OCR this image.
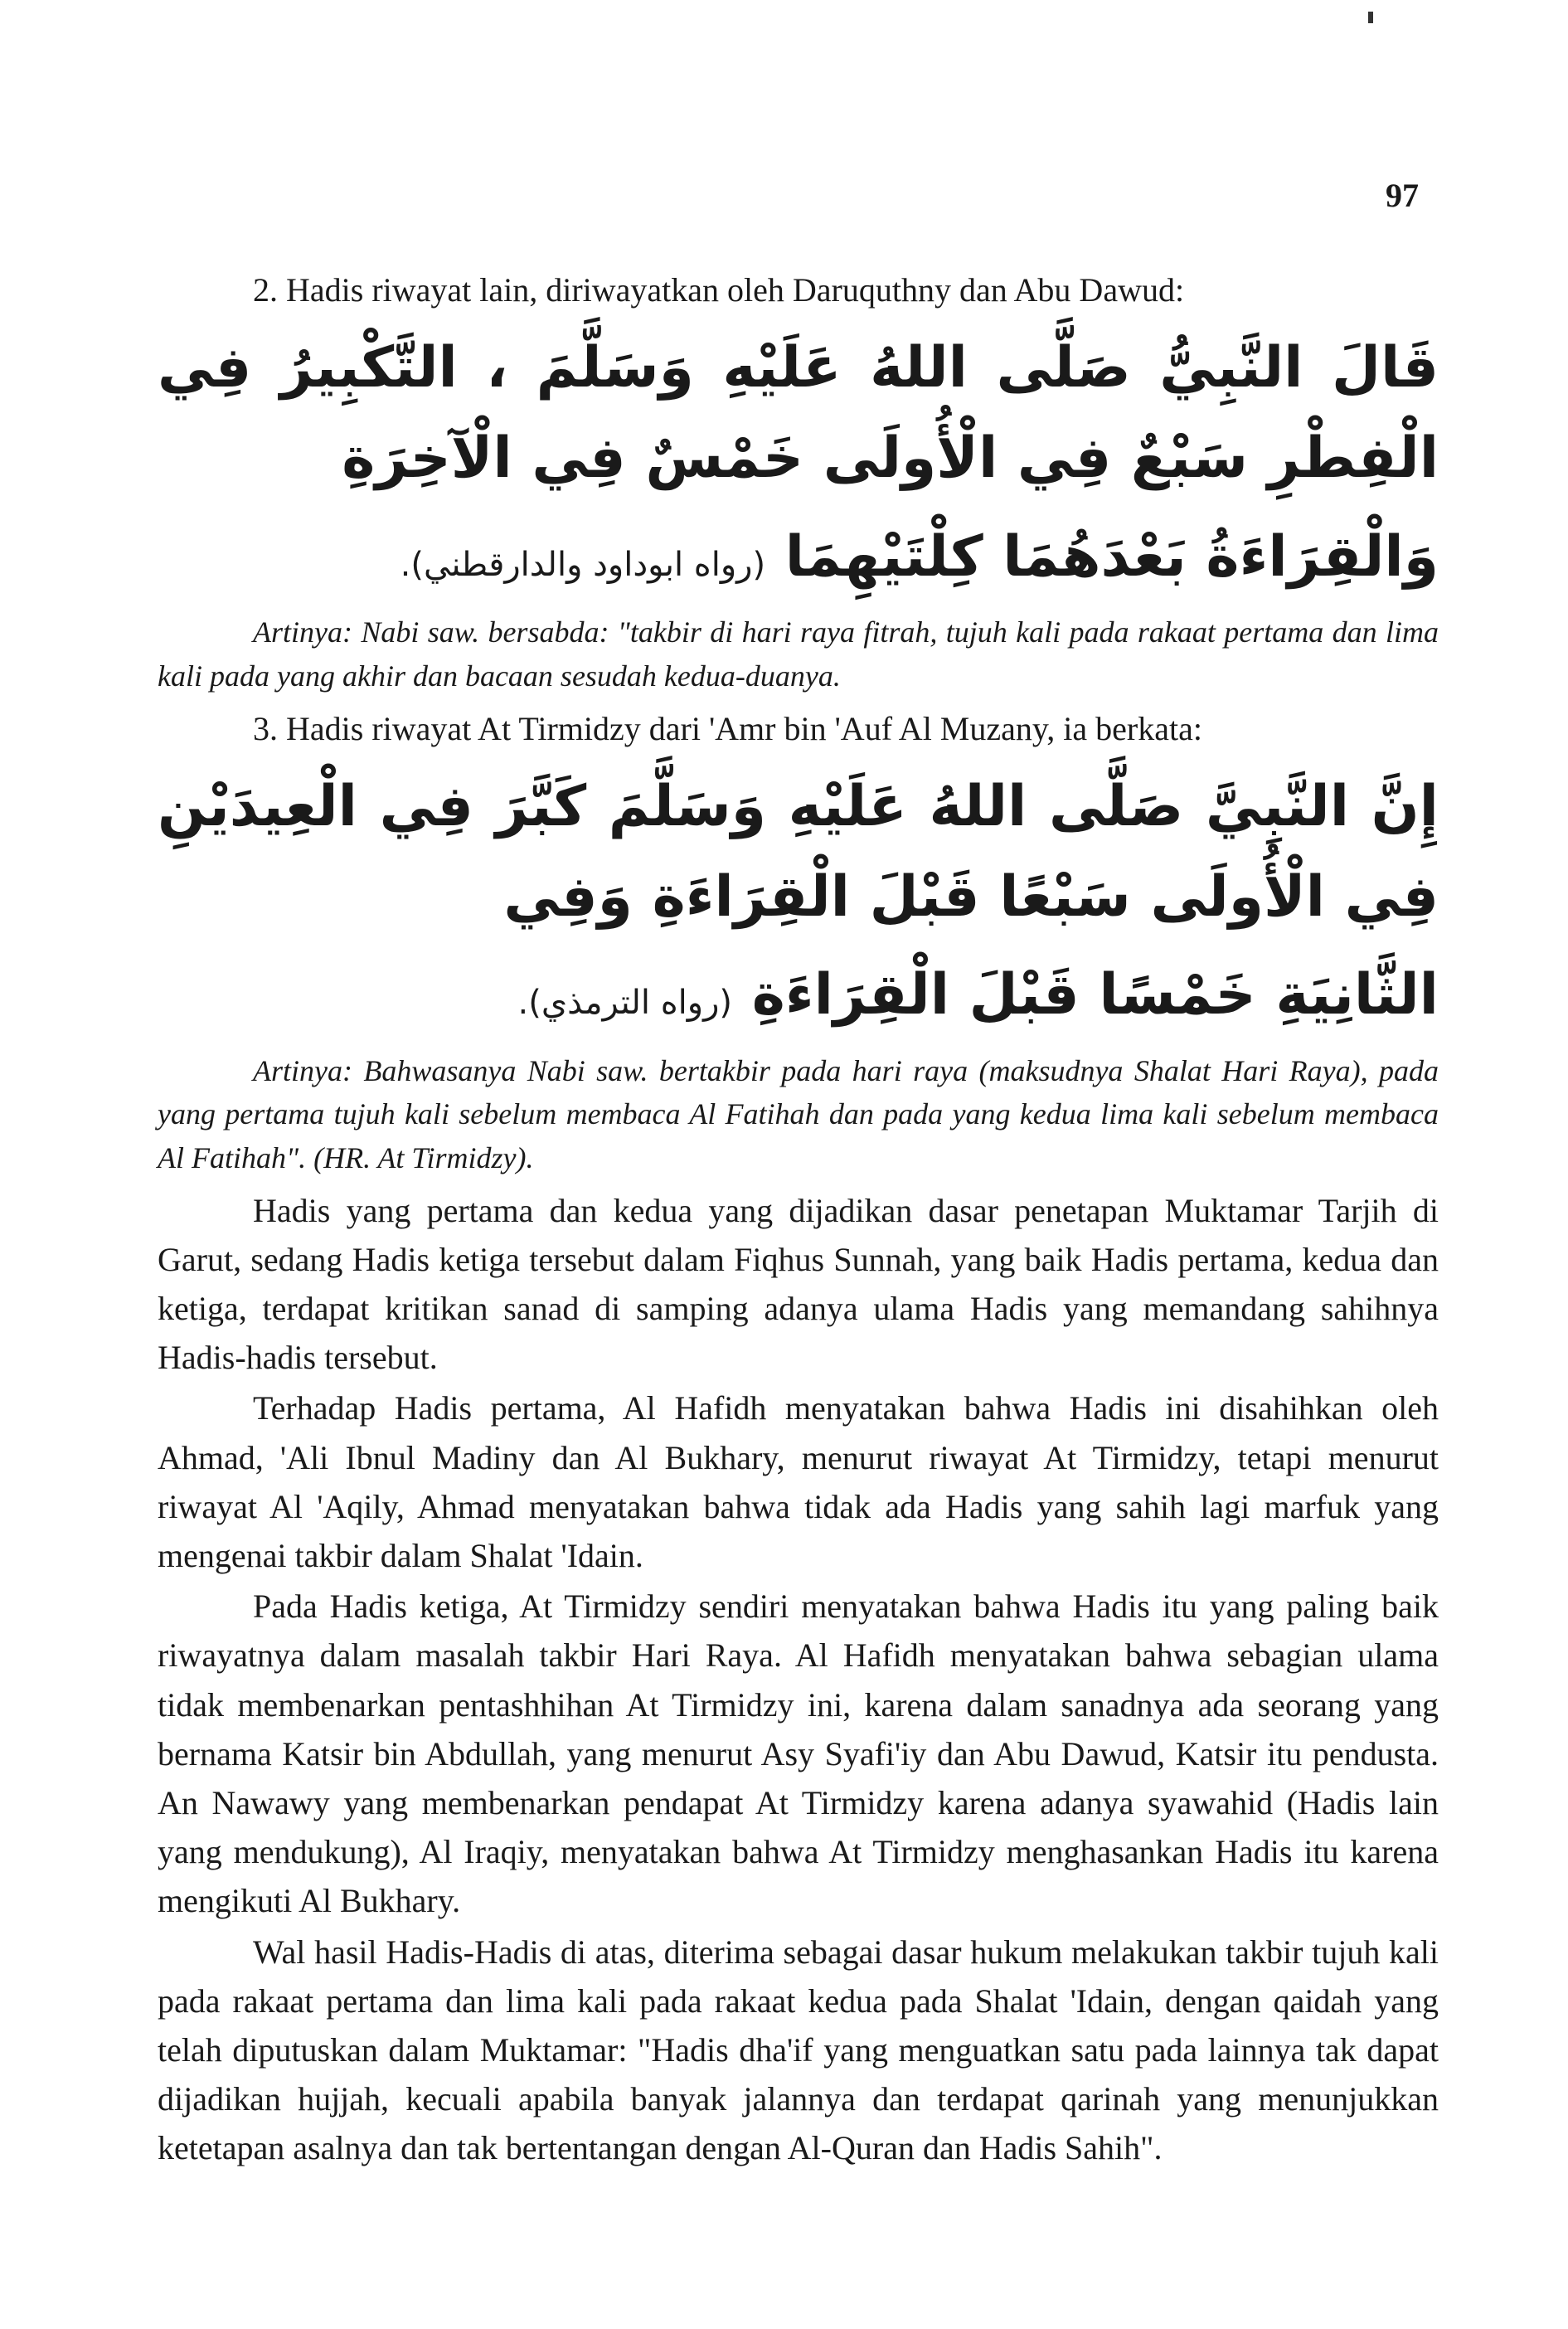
97
2. Hadis riwayat lain, diriwayatkan oleh Daruquthny dan Abu Dawud:
قَالَ النَّبِيُّ صَلَّى اللهُ عَلَيْهِ وَسَلَّمَ ، التَّكْبِيرُ فِي الْفِطْرِ سَبْعٌ فِي الْأُولَى خَمْسٌ فِي الْآخِرَةِ
وَالْقِرَاءَةُ بَعْدَهُمَا كِلْتَيْهِمَا (رواه ابوداود والدارقطني).

Artinya: Nabi saw. bersabda: "takbir di hari raya fitrah, tujuh kali pada rakaat pertama dan lima kali pada yang akhir dan bacaan sesudah kedua-duanya.

3. Hadis riwayat At Tirmidzy dari 'Amr bin 'Auf Al Muzany, ia berkata:
إِنَّ النَّبِيَّ صَلَّى اللهُ عَلَيْهِ وَسَلَّمَ كَبَّرَ فِي الْعِيدَيْنِ فِي الْأُولَى سَبْعًا قَبْلَ الْقِرَاءَةِ وَفِي
الثَّانِيَةِ خَمْسًا قَبْلَ الْقِرَاءَةِ (رواه الترمذي).

Artinya: Bahwasanya Nabi saw. bertakbir pada hari raya (maksudnya Shalat Hari Raya), pada yang pertama tujuh kali sebelum membaca Al Fatihah dan pada yang kedua lima kali sebelum membaca Al Fatihah". (HR. At Tirmidzy).

Hadis yang pertama dan kedua yang dijadikan dasar penetapan Muktamar Tarjih di Garut, sedang Hadis ketiga tersebut dalam Fiqhus Sunnah, yang baik Hadis pertama, kedua dan ketiga, terdapat kritikan sanad di samping adanya ulama Hadis yang memandang sahihnya Hadis-hadis tersebut.

Terhadap Hadis pertama, Al Hafidh menyatakan bahwa Hadis ini disahihkan oleh Ahmad, 'Ali Ibnul Madiny dan Al Bukhary, menurut riwayat At Tirmidzy, tetapi menurut riwayat Al 'Aqily, Ahmad menyatakan bahwa tidak ada Hadis yang sahih lagi marfuk yang mengenai takbir dalam Shalat 'Idain.

Pada Hadis ketiga, At Tirmidzy sendiri menyatakan bahwa Hadis itu yang paling baik riwayatnya dalam masalah takbir Hari Raya. Al Hafidh menyatakan bahwa sebagian ulama tidak membenarkan pentashhihan At Tirmidzy ini, karena dalam sanadnya ada seorang yang bernama Katsir bin Abdullah, yang menurut Asy Syafi'iy dan Abu Dawud, Katsir itu pendusta. An Nawawy yang membenarkan pendapat At Tirmidzy karena adanya syawahid (Hadis lain yang mendukung), Al Iraqiy, menyatakan bahwa At Tirmidzy menghasankan Hadis itu karena mengikuti Al Bukhary.

Wal hasil Hadis-Hadis di atas, diterima sebagai dasar hukum melakukan takbir tujuh kali pada rakaat pertama dan lima kali pada rakaat kedua pada Shalat 'Idain, dengan qaidah yang telah diputuskan dalam Muktamar: "Hadis dha'if yang menguatkan satu pada lainnya tak dapat dijadikan hujjah, kecuali apabila banyak jalannya dan terdapat qarinah yang menunjukkan ketetapan asalnya dan tak bertentangan dengan Al-Quran dan Hadis Sahih".
